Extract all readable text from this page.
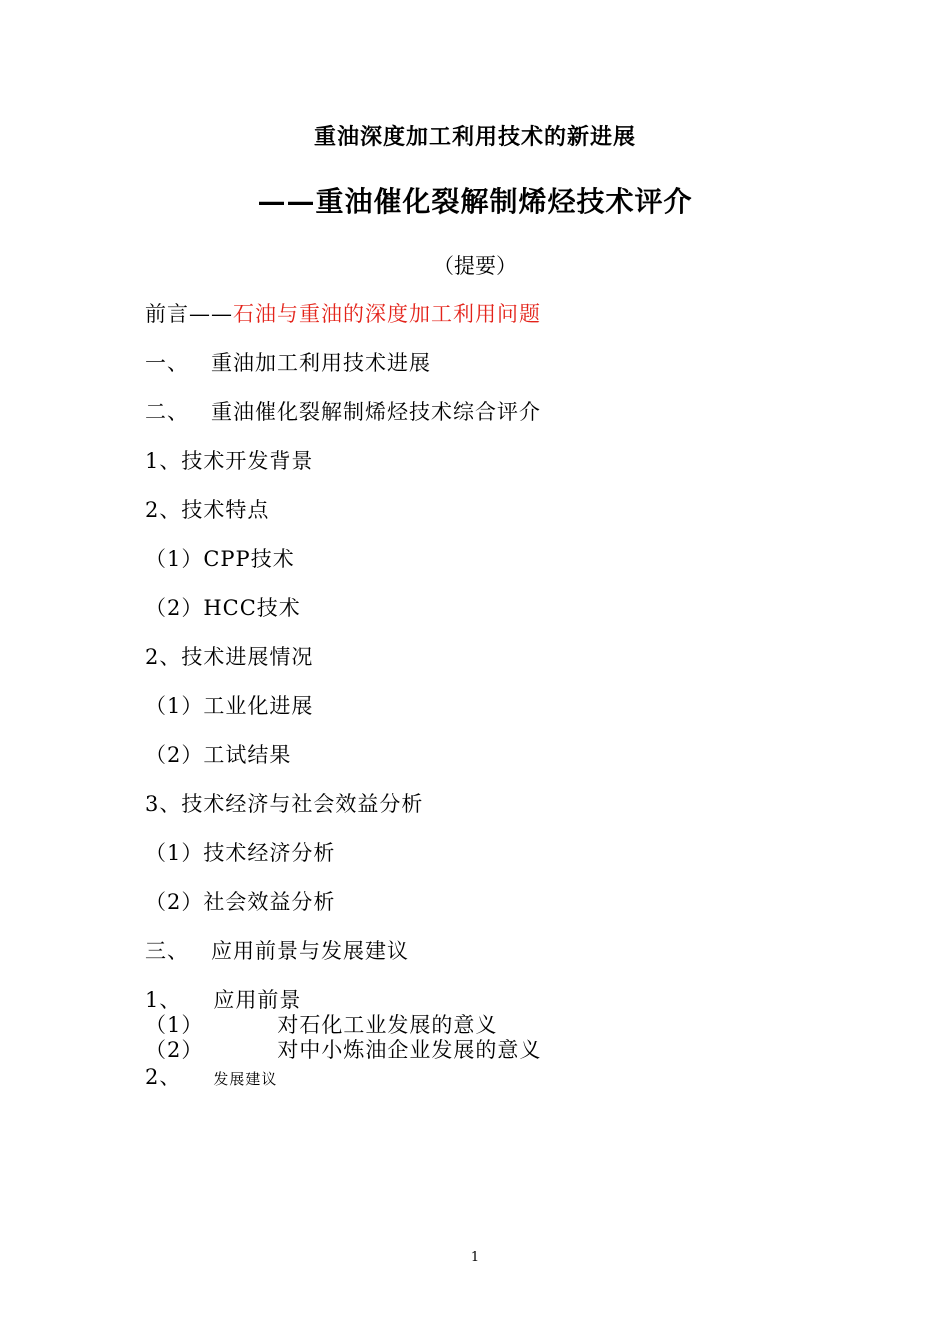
重油深度加工利用技术的新进展
——重油催化裂解制烯烃技术评介
（提要）
前言——石油与重油的深度加工利用问题
一、 重油加工利用技术进展
二、 重油催化裂解制烯烃技术综合评介
1、技术开发背景
2、技术特点
（1）CPP技术
（2）HCC技术
2、技术进展情况
（1）工业化进展
（2）工试结果
3、技术经济与社会效益分析
（1）技术经济分析
（2）社会效益分析
三、 应用前景与发展建议
1、 应用前景
（1）	对石化工业发展的意义
（2）	对中小炼油企业发展的意义
2、 发展建议
1
